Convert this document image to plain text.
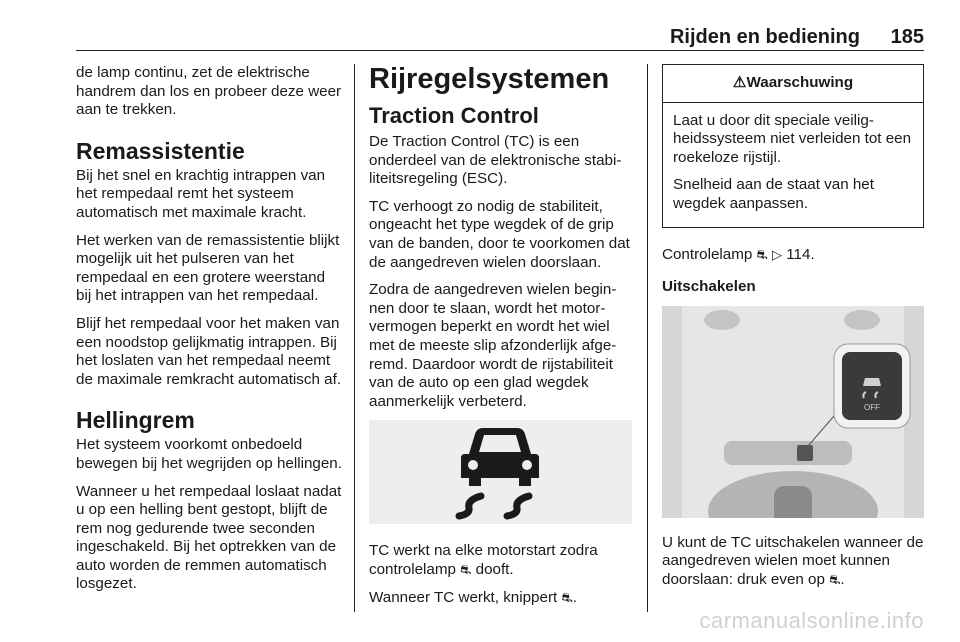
Rijden en bediening 185

de lamp continu, zet de elektrische handrem dan los en probeer deze weer aan te trekken.

Remassistentie

Bij het snel en krachtig intrappen van het rempedaal remt het systeem automatisch met maximale kracht.

Het werken van de remassistentie blijkt mogelijk uit het pulseren van het rempedaal en een grotere weerstand bij het intrappen van het rempedaal.

Blijf het rempedaal voor het maken van een noodstop gelijkmatig intrappen. Bij het loslaten van het rempedaal neemt de maximale remkracht automatisch af.

Hellingrem

Het systeem voorkomt onbedoeld bewegen bij het wegrijden op hellingen.

Wanneer u het rempedaal loslaat nadat u op een helling bent gestopt, blijft de rem nog gedurende twee seconden ingeschakeld. Bij het optrekken van de auto worden de remmen automatisch losgezet.

Rijregelsystemen
Traction Control

De Traction Control (TC) is een onderdeel van de elektronische stabiliteitsregeling (ESC).

TC verhoogt zo nodig de stabiliteit, ongeacht het type wegdek of de grip van de banden, door te voorkomen dat de aangedreven wielen doorslaan.

Zodra de aangedreven wielen beginnen door te slaan, wordt het motorvermogen beperkt en wordt het wiel met de meeste slip afzonderlijk afgeremd. Daardoor wordt de rijstabiliteit van de auto op een glad wegdek aanmerkelijk verbeterd.

TC werkt na elke motorstart zodra controlelamp ⛐ dooft.

Wanneer TC werkt, knippert ⛐.

⚠Waarschuwing

Laat u door dit speciale veiligheidssysteem niet verleiden tot een roekeloze rijstijl.

Snelheid aan de staat van het wegdek aanpassen.

Controlelamp ⛐ ▷ 114.

Uitschakelen

OFF

U kunt de TC uitschakelen wanneer de aangedreven wielen moet kunnen doorslaan: druk even op ⛐.

carmanualsonline.info
